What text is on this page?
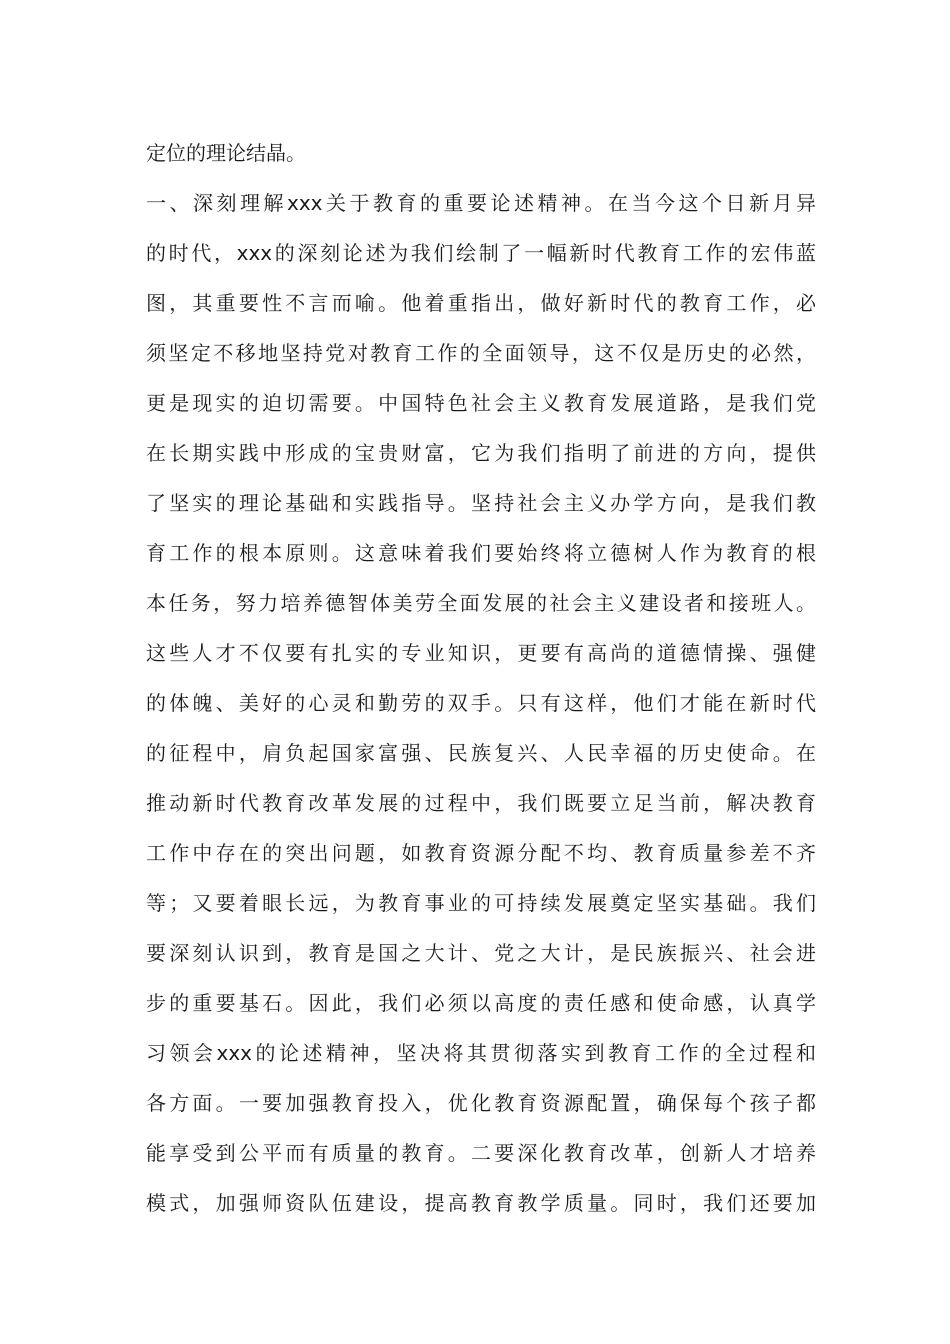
定位的理论结晶。
一、深刻理解xxx关于教育的重要论述精神。在当今这个日新月异
的时代，xxx的深刻论述为我们绘制了一幅新时代教育工作的宏伟蓝
图，其重要性不言而喻。他着重指出，做好新时代的教育工作，必
须坚定不移地坚持党对教育工作的全面领导，这不仅是历史的必然，
更是现实的迫切需要。中国特色社会主义教育发展道路，是我们党
在长期实践中形成的宝贵财富，它为我们指明了前进的方向，提供
了坚实的理论基础和实践指导。坚持社会主义办学方向，是我们教
育工作的根本原则。这意味着我们要始终将立德树人作为教育的根
本任务，努力培养德智体美劳全面发展的社会主义建设者和接班人。
这些人才不仅要有扎实的专业知识，更要有高尚的道德情操、强健
的体魄、美好的心灵和勤劳的双手。只有这样，他们才能在新时代
的征程中，肩负起国家富强、民族复兴、人民幸福的历史使命。在
推动新时代教育改革发展的过程中，我们既要立足当前，解决教育
工作中存在的突出问题，如教育资源分配不均、教育质量参差不齐
等；又要着眼长远，为教育事业的可持续发展奠定坚实基础。我们
要深刻认识到，教育是国之大计、党之大计，是民族振兴、社会进
步的重要基石。因此，我们必须以高度的责任感和使命感，认真学
习领会xxx的论述精神，坚决将其贯彻落实到教育工作的全过程和
各方面。一要加强教育投入，优化教育资源配置，确保每个孩子都
能享受到公平而有质量的教育。二要深化教育改革，创新人才培养
模式，加强师资队伍建设，提高教育教学质量。同时，我们还要加
